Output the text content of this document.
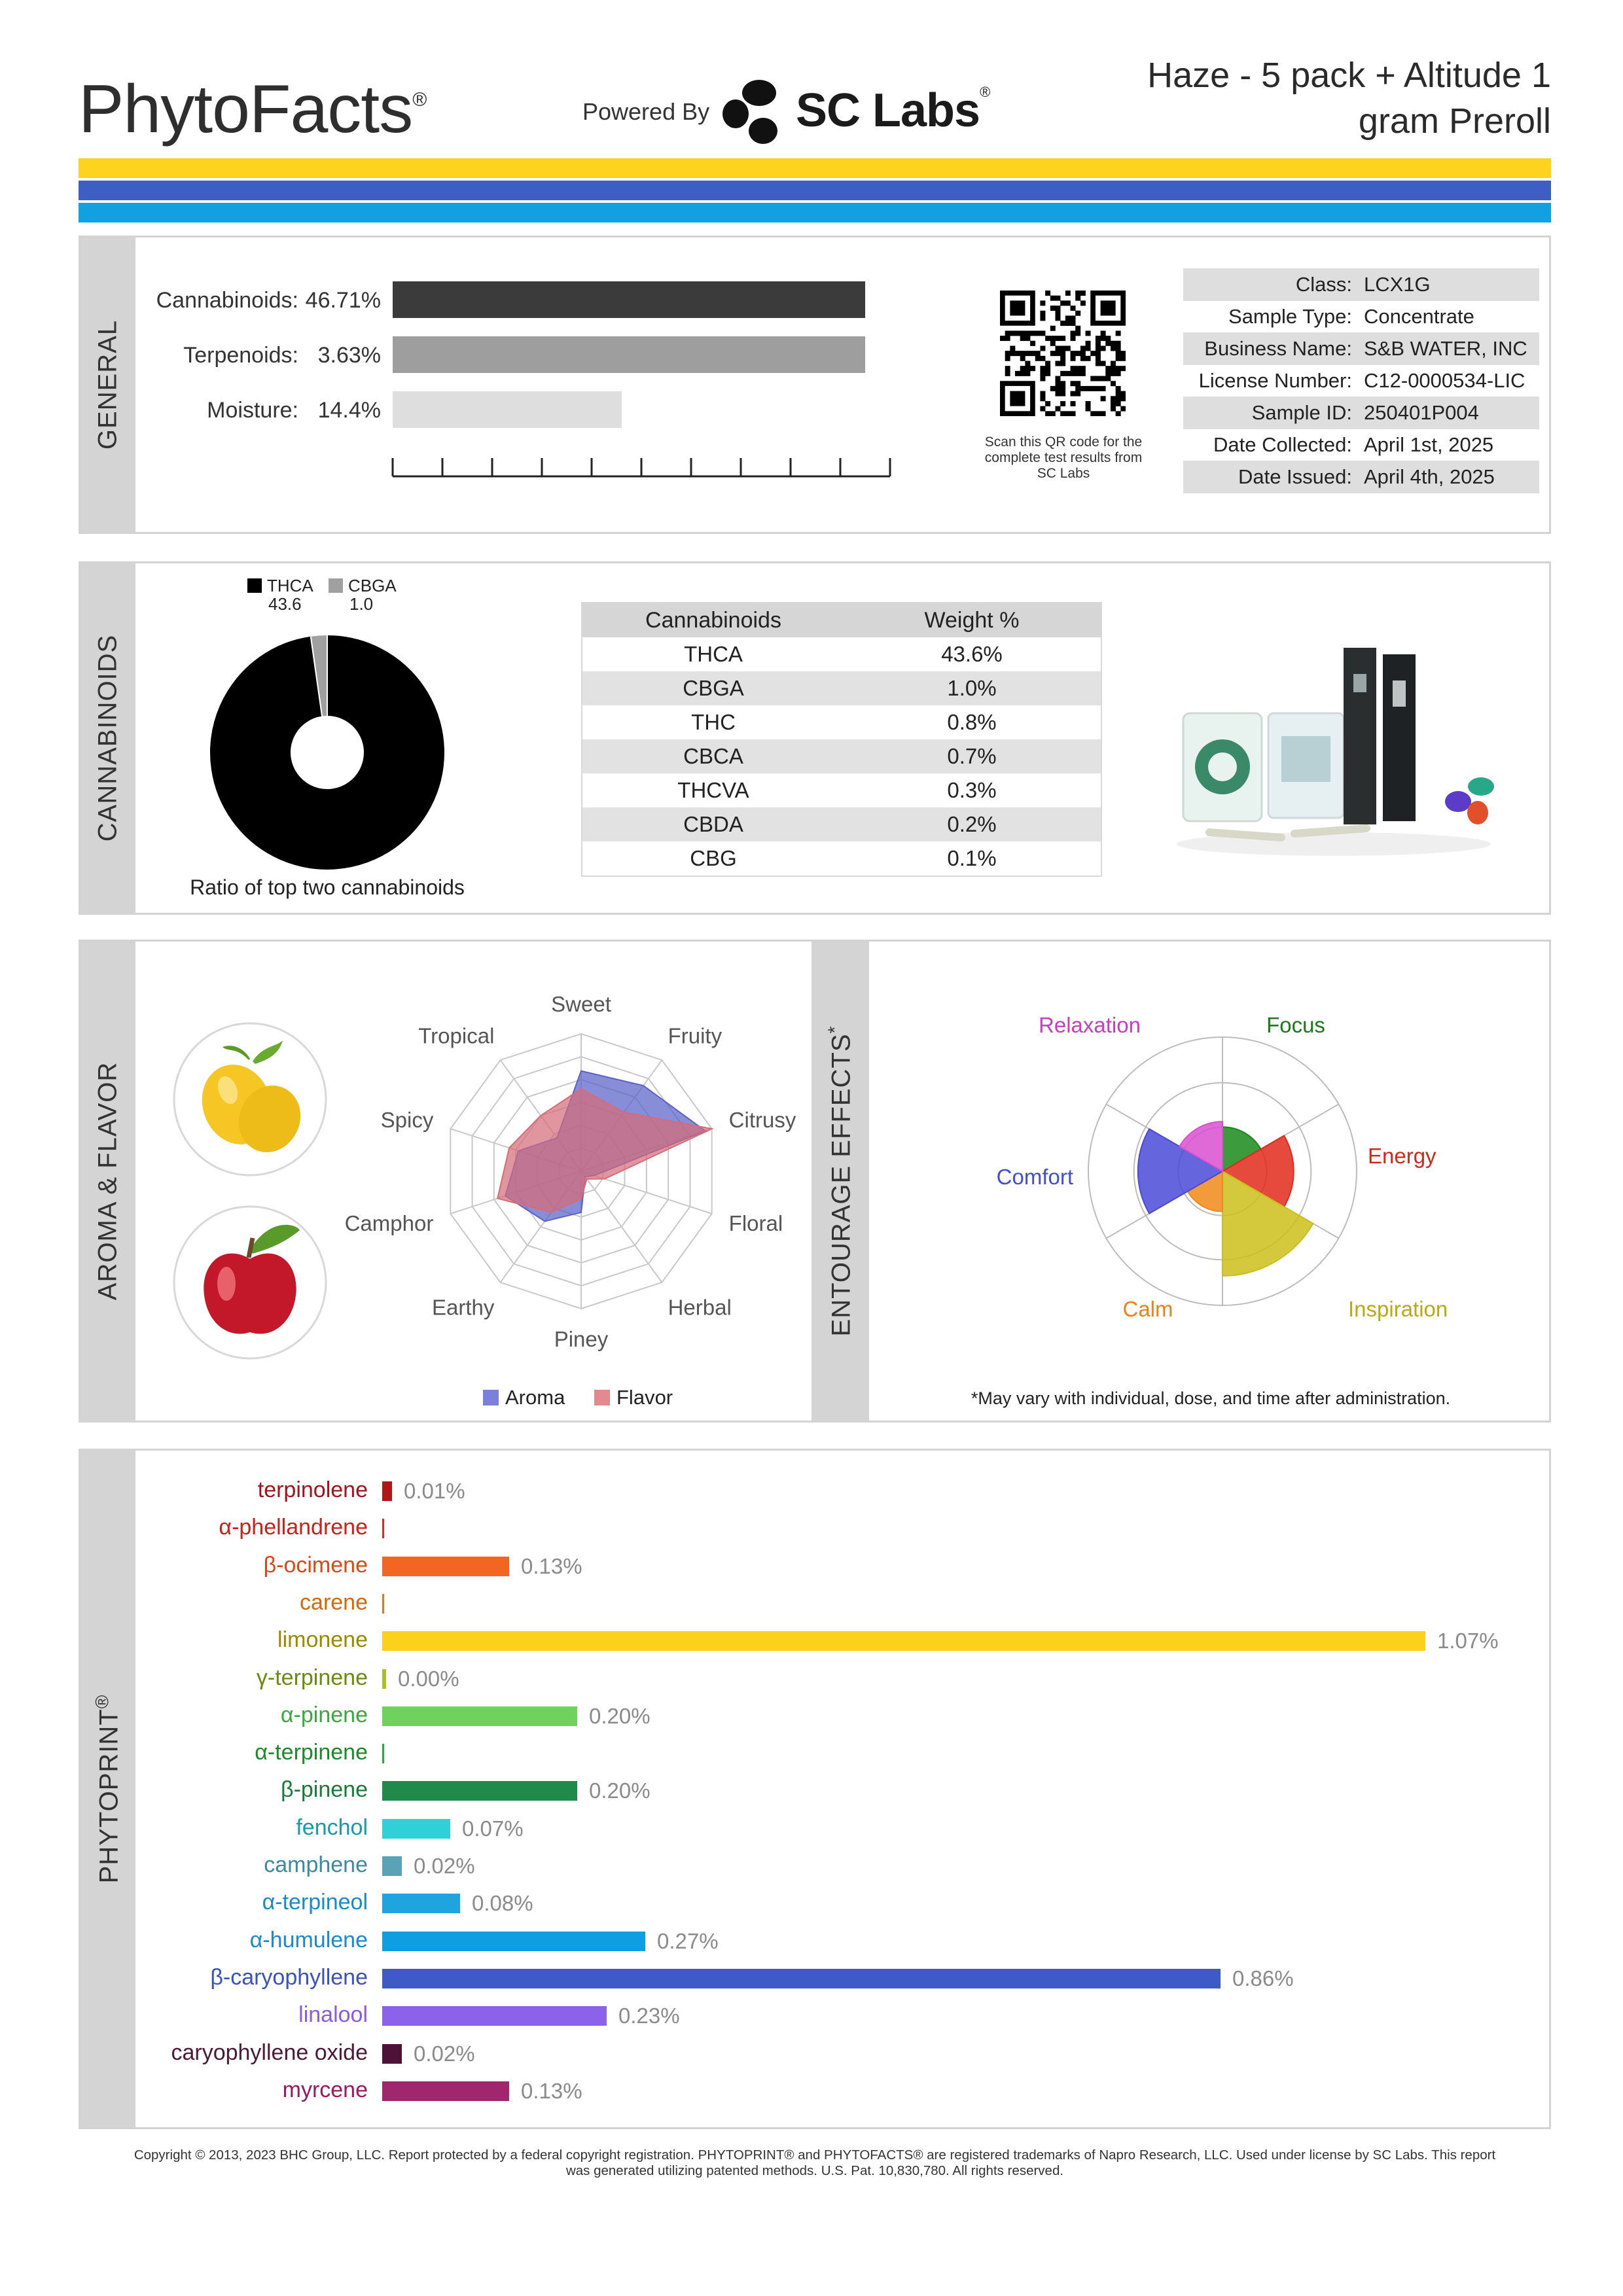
PhytoFacts®	Powered By SC Labs®	Haze - 5 pack + Altitude 1
gram Preroll
GENERAL
Cannabinoids: 46.71%
Terpenoids: 3.63%
Moisture: 14.4%
Scan this QR code for the complete test results from SC Labs
Class: LCX1G
Sample Type: Concentrate
Business Name: S&B WATER, INC
License Number: C12-0000534-LIC
Sample ID: 250401P004
Date Collected: April 1st, 2025
Date Issued: April 4th, 2025
CANNABINOIDS
THCA
43.6
CBGA
1.0
Ratio of top two cannabinoids
Cannabinoids	Weight %
THCA	43.6%
CBGA	1.0%
THC	0.8%
CBCA	0.7%
THCVA	0.3%
CBDA	0.2%
CBG	0.1%
AROMA & FLAVOR
Sweet
Fruity
Citrusy
Floral
Herbal
Piney
Earthy
Camphor
Spicy
Tropical
Aroma	Flavor
ENTOURAGE EFFECTS*	Focus
Energy
Inspiration
Calm
Comfort
Relaxation
*May vary with individual, dose, and time after administration.
PHYTOPRINT®
terpinolene 0.01%
α-phellandrene
β-ocimene	0.13%
carene
limonene	1.07%
γ-terpinene 0.00%
α-pinene	0.20%
α-terpinene
β-pinene	0.20%
fenchol	0.07%
camphene 0.02%
α-terpineol	0.08%
α-humulene	0.27%
β-caryophyllene	0.86%
linalool	0.23%
caryophyllene oxide 0.02%
myrcene	0.13%
Copyright © 2013, 2023 BHC Group, LLC. Report protected by a federal copyright registration. PHYTOPRINT® and PHYTOFACTS® are registered trademarks of Napro Research, LLC. Used under license by SC Labs. This report
was generated utilizing patented methods. U.S. Pat. 10,830,780. All rights reserved.
